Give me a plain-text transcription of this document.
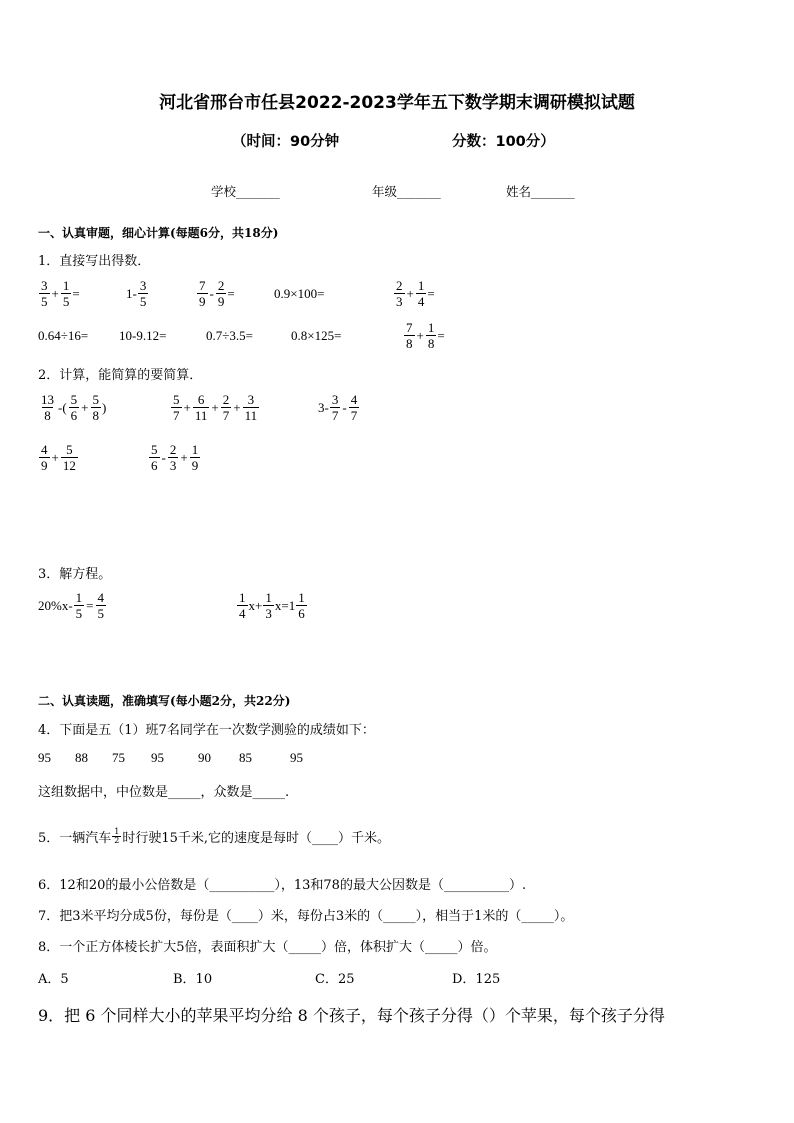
河北省邢台市任县2022-2023学年五下数学期末调研模拟试题
（时间：90分钟	分数：100分）
学校_______	年级_______	姓名_______
一、认真审题，细心计算(每题6分，共18分)
1．直接写出得数．
$\frac{3}{5} + \frac{1}{5}$ =	$1- \frac{3}{5}$	$\frac{7}{9} - \frac{2}{9}$ =	0.9×100=	$\frac{2}{3} + \frac{1}{4}$ =
0.64÷16= 10-9.12=	0.7÷3.5=	0.8×125=	$\frac{7}{8} + \frac{1}{8}$ =
2．计算，能简算的要简算．
$\frac{13}{8}$ -( $\frac{5}{6} + \frac{5}{8}$ )	$\frac{5}{7} + \frac{6}{11} + \frac{2}{7} + \frac{3}{11}$	$3- \frac{3}{7} - \frac{4}{7}$
$\frac{4}{9} + \frac{5}{12}$	$\frac{5}{6} - \frac{2}{3} + \frac{1}{9}$
3．解方程。
$20\%x- \frac{1}{5} = \frac{4}{5}$	$\frac{1}{4} x+ \frac{1}{3} x= 1 \frac{1}{6}$
二、认真读题，准确填写(每小题2分，共22分)
4．下面是五（1）班7名同学在一次数学测验的成绩如下：
95 88 75 95	90 85	95
这组数据中，中位数是_____，众数是_____.
5．一辆汽车 $\frac{1}{2}$ 时行驶15千米,它的速度是每时（____）千米。
6．12和20的最小公倍数是（__________），13和78的最大公因数是（__________）.
7．把3米平均分成5份，每份是（____）米，每份占3米的（_____），相当于1米的（_____）。
8．一个正方体棱长扩大5倍，表面积扩大（_____）倍，体积扩大（_____）倍。
A．5	B．10	C．25	D．125
9．把 6 个同样大小的苹果平均分给 8 个孩子，每个孩子分得（）个苹果，每个孩子分得
